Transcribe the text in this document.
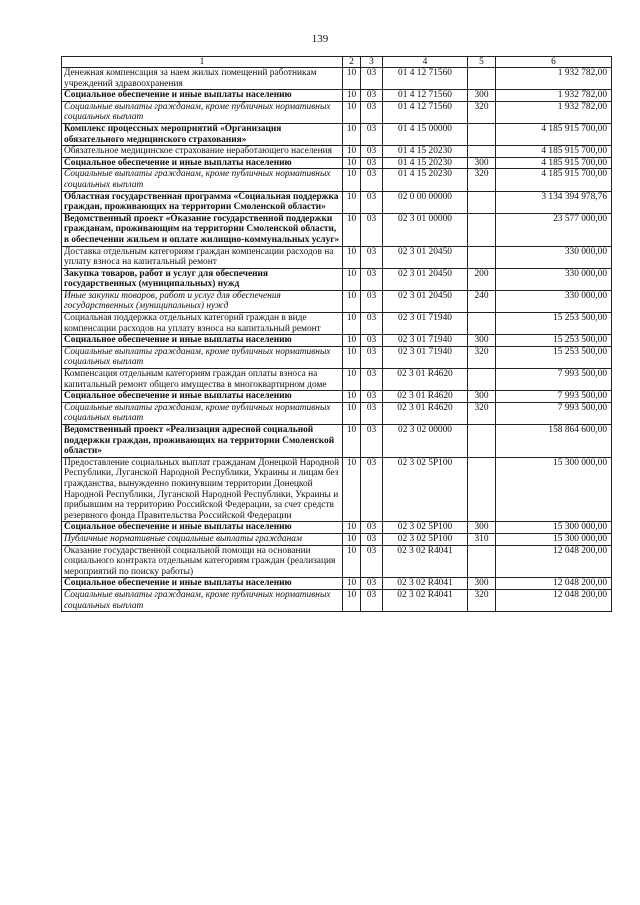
139
1	2	3	4	5	6
Денежная компенсация за наем жилых помещений работникам учреждений здравоохранения	10	03	01 4 12 71560		1 932 782,00
Социальное обеспечение и иные выплаты населению	10	03	01 4 12 71560	300	1 932 782,00
Социальные выплаты гражданам, кроме публичных нормативных социальных выплат	10	03	01 4 12 71560	320	1 932 782,00
Комплекс процессных мероприятий «Организация обязательного медицинского страхования»	10	03	01 4 15 00000		4 185 915 700,00
Обязательное медицинское страхование неработающего населения	10	03	01 4 15 20230		4 185 915 700,00
Социальное обеспечение и иные выплаты населению	10	03	01 4 15 20230	300	4 185 915 700,00
Социальные выплаты гражданам, кроме публичных нормативных социальных выплат	10	03	01 4 15 20230	320	4 185 915 700,00
Областная государственная программа «Социальная поддержка граждан, проживающих на территории Смоленской области»	10	03	02 0 00 00000		3 134 394 978,76
Ведомственный проект «Оказание государственной поддержки гражданам, проживающим на территории Смоленской области, в обеспечении жильем и оплате жилищно-коммунальных услуг»	10	03	02 3 01 00000		23 577 000,00
Доставка отдельным категориям граждан компенсации расходов на уплату взноса на капитальный ремонт	10	03	02 3 01 20450		330 000,00
Закупка товаров, работ и услуг для обеспечения государственных (муниципальных) нужд	10	03	02 3 01 20450	200	330 000,00
Иные закупки товаров, работ и услуг для обеспечения государственных (муниципальных) нужд	10	03	02 3 01 20450	240	330 000,00
Социальная поддержка отдельных категорий граждан в виде компенсации расходов на уплату взноса на капитальный ремонт	10	03	02 3 01 71940		15 253 500,00
Социальное обеспечение и иные выплаты населению	10	03	02 3 01 71940	300	15 253 500,00
Социальные выплаты гражданам, кроме публичных нормативных социальных выплат	10	03	02 3 01 71940	320	15 253 500,00
Компенсация отдельным категориям граждан оплаты взноса на капитальный ремонт общего имущества в многоквартирном доме	10	03	02 3 01 R4620		7 993 500,00
Социальное обеспечение и иные выплаты населению	10	03	02 3 01 R4620	300	7 993 500,00
Социальные выплаты гражданам, кроме публичных нормативных социальных выплат	10	03	02 3 01 R4620	320	7 993 500,00
Ведомственный проект «Реализация адресной социальной поддержки граждан, проживающих на территории Смоленской области»	10	03	02 3 02 00000		158 864 600,00
Предоставление социальных выплат гражданам Донецкой Народной Республики, Луганской Народной Республики, Украины и лицам без гражданства, вынужденно покинувшим территории Донецкой Народной Республики, Луганской Народной Республики, Украины и прибывшим на территорию Российской Федерации, за счет средств резервного фонда Правительства Российской Федерации	10	03	02 3 02 5P100		15 300 000,00
Социальное обеспечение и иные выплаты населению	10	03	02 3 02 5P100	300	15 300 000,00
Публичные нормативные социальные выплаты гражданам	10	03	02 3 02 5P100	310	15 300 000,00
Оказание государственной социальной помощи на основании социального контракта отдельным категориям граждан (реализация мероприятий по поиску работы)	10	03	02 3 02 R4041		12 048 200,00
Социальное обеспечение и иные выплаты населению	10	03	02 3 02 R4041	300	12 048 200,00
Социальные выплаты гражданам, кроме публичных нормативных социальных выплат	10	03	02 3 02 R4041	320	12 048 200,00
